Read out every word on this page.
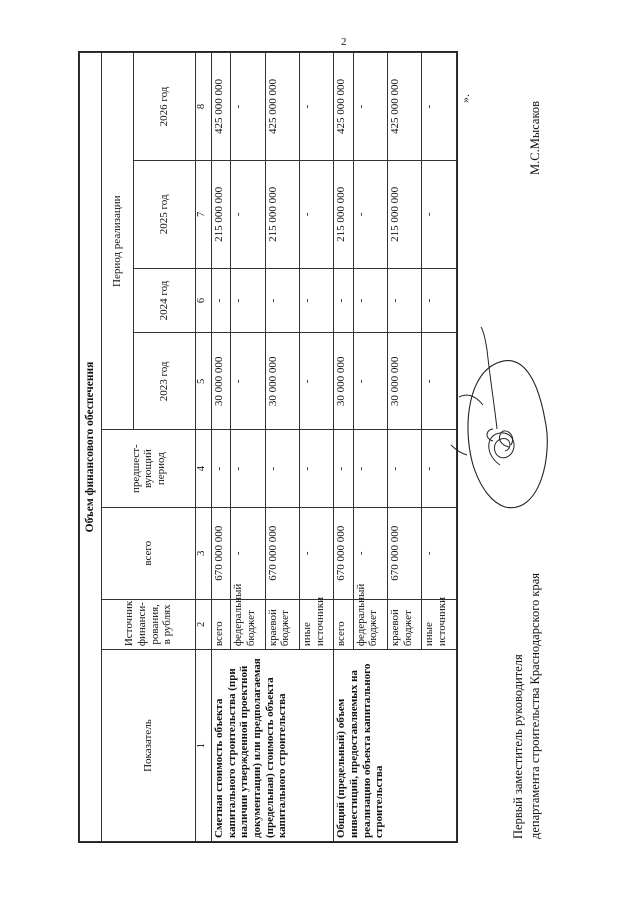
2
Объем финансового обеспечения							
Показатель	Источник финанси-рования, в рублях	всего	предшест-вующий период	Период реализации			
				2023 год	2024 год	2025 год	2026 год
1	2	3	4	5	6	7	8
Сметная стоимость объекта капитального строительства (при наличии утвержденной проектной документации) или предполагаемая (предельная) стоимость объекта капитального строительства	всего	670 000 000	-	30 000 000	-	215 000 000	425 000 000
	федеральный бюджет	-	-	-	-	-	-
	краевой бюджет	670 000 000	-	30 000 000	-	215 000 000	425 000 000
	иные источники	-	-	-	-	-	-
Общий (предельный) объем инвестиций, предоставляемых на реализацию объекта капитального строительства	всего	670 000 000	-	30 000 000	-	215 000 000	425 000 000
	федеральный бюджет	-	-	-	-	-	-
	краевой бюджет	670 000 000	-	30 000 000	-	215 000 000	425 000 000
	иные источники	-	-	-	-	-	-
».
Первый заместитель руководителя департамента строительства Краснодарского края
М.С.Мысаков
